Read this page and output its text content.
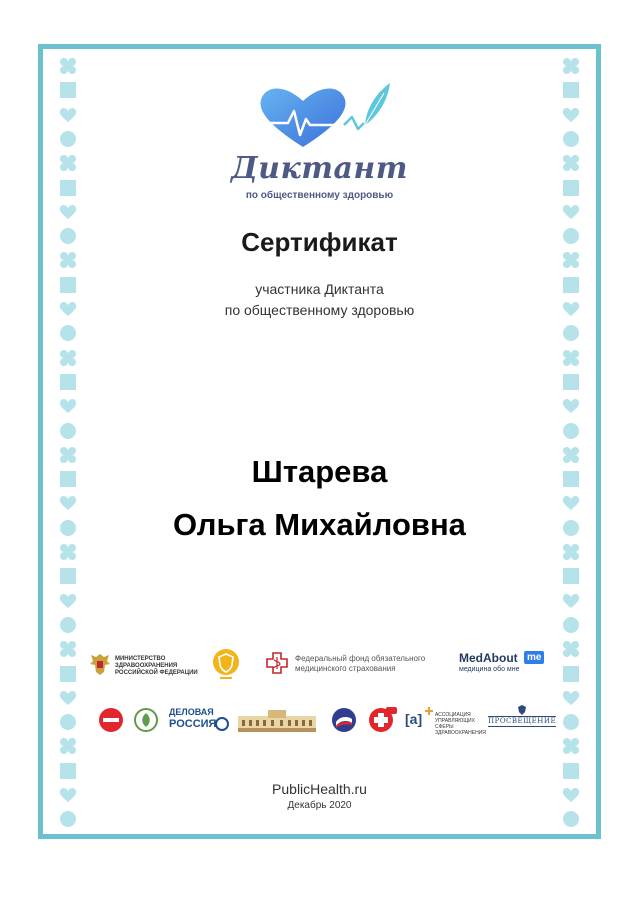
Диктант
по общественному здоровью
Сертификат
участника Диктанта
по общественному здоровью
Штарева
Ольга Михайловна
МИНИСТЕРСТВО
ЗДРАВООХРАНЕНИЯ
РОССИЙСКОЙ ФЕДЕРАЦИИ
Федеральный фонд обязательного
медицинского страхования
MedAbout me
медицина обо мне
ДЕЛОВАЯ
РОССИЯ	[a]	АССОЦИАЦИЯ
УПРАВЛЯЮЩИХ СФЕРЫ
ЗДРАВООХРАНЕНИЯ
ПРОСВЕЩЕНИЕ
PublicHealth.ru
Декабрь 2020
